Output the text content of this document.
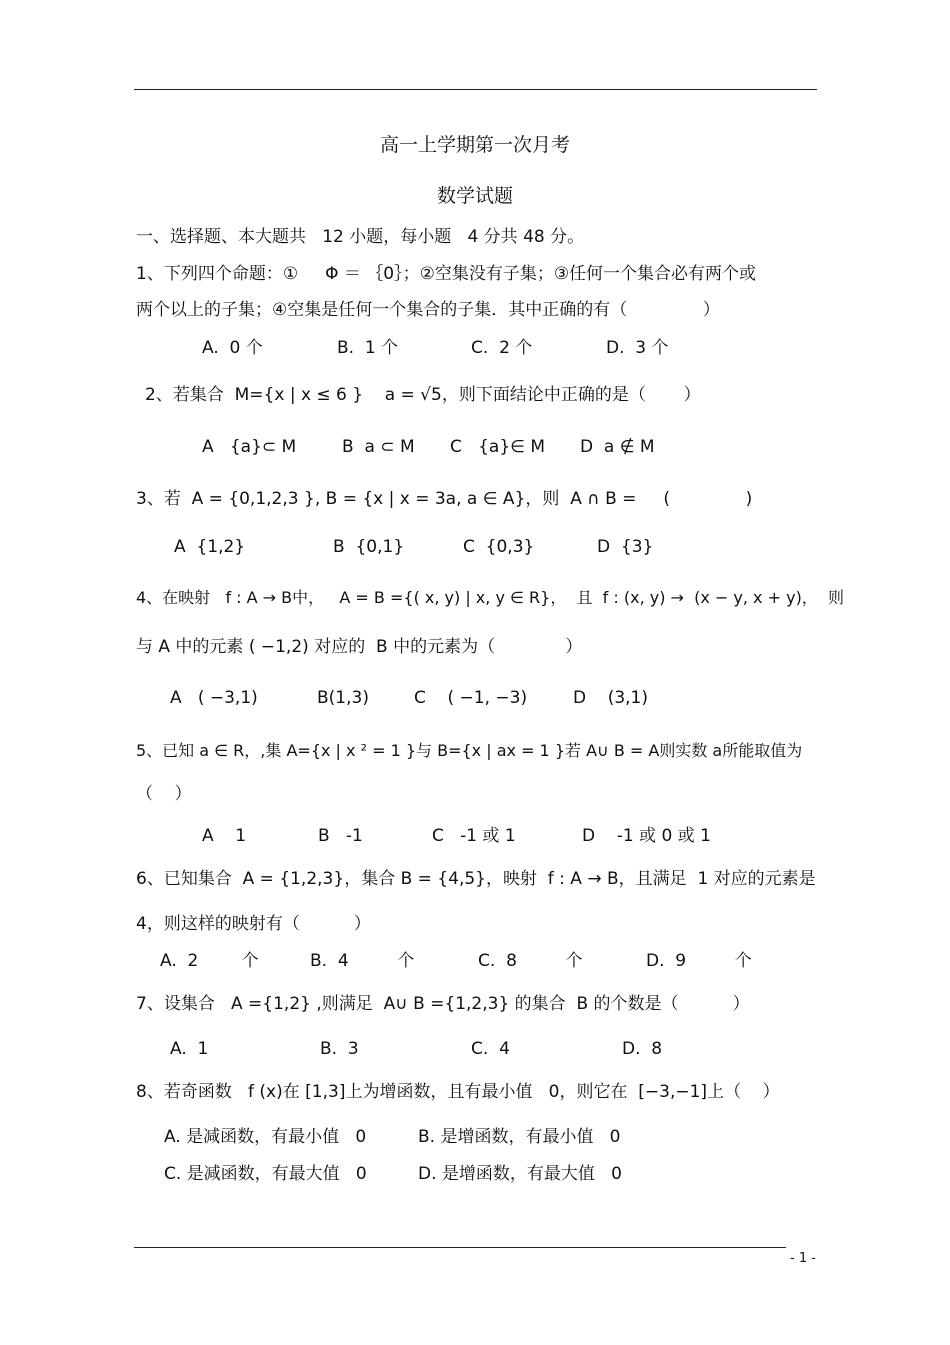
高一上学期第一次月考
数学试题
一、选择题、本大题共   12 小题，每小题   4 分共 48 分。
1、下列四个命题：①     Φ ＝ ｛0｝；②空集没有子集；③任何一个集合必有两个或
两个以上的子集；④空集是任何一个集合的子集．其中正确的有（              ）
A.  0 个	B.  1 个	C.  2 个	D.  3 个
2、若集合  M={x | x ≤ 6 }    a = √5，则下面结论中正确的是（       ）
A   {a}⊂ M	B  a ⊂ M C   {a}∈ M D  a ∉ M
3、若  A = {0,1,2,3 }, B = {x | x = 3a, a ∈ A}，则  A ∩ B =     (              )
A  {1,2}	B  {0,1}	C  {0,3}	D  {3}
4、在映射   f : A → B中，   A = B ={( x, y) | x, y ∈ R}，  且  f : (x, y) →  (x − y, x + y)，  则
与 A 中的元素 ( −1,2) 对应的  B 中的元素为（             ）
A   ( −3,1)	B(1,3)	C    ( −1, −3)	D    (3,1)
5、已知 a ∈ R，,集 A={x | x ² = 1 }与 B={x | ax = 1 }若 A∪ B = A则实数 a所能取值为
（    ）
A    1	B   -1	C   -1 或 1	D    -1 或 0 或 1
6、已知集合  A = {1,2,3}，集合 B = {4,5}，映射  f : A → B，且满足  1 对应的元素是
4，则这样的映射有（          ）
A.  2        个	B.  4         个	C.  8         个	D.  9         个
7、设集合   A ={1,2} ,则满足  A∪ B ={1,2,3} 的集合  B 的个数是（          ）
A.  1	B.  3	C.  4	D.  8
8、若奇函数   f (x)在 [1,3]上为增函数，且有最小值   0，则它在  [−3,−1]上（    ）
A. 是减函数，有最小值   0	B. 是增函数，有最小值   0
C. 是减函数，有最大值   0	D. 是增函数，有最大值   0
- 1 -
